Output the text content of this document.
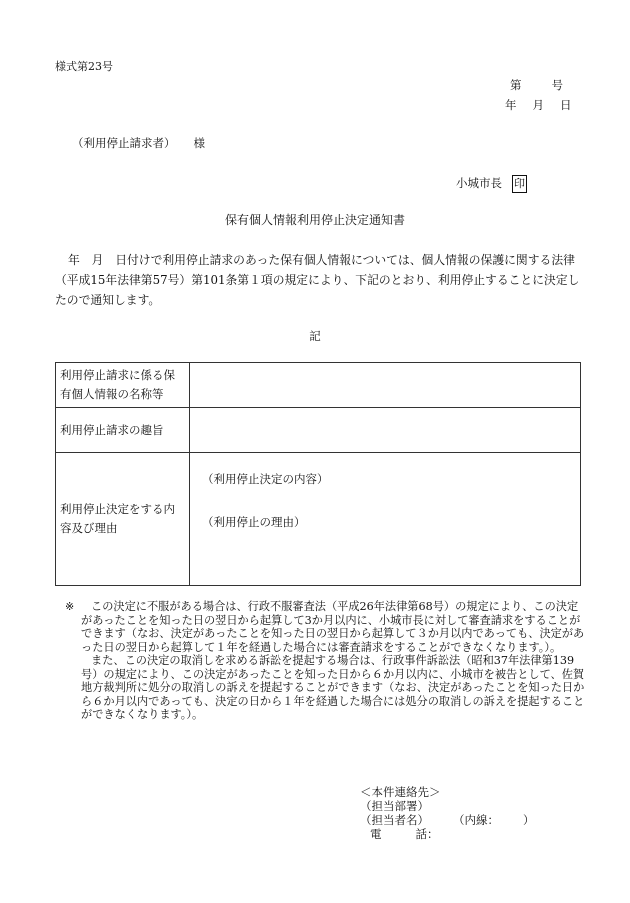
様式第23号
第	号
年 月 日
（利用停止請求者） 様
小城市長 印
保有個人情報利用停止決定通知書
年　月　日付けで利用停止請求のあった保有個人情報については、個人情報の保護に関する法律（平成15年法律第57号）第101条第１項の規定により、下記のとおり、利用停止することに決定したので通知します。
記
利用停止請求に係る保有個人情報の名称等	
利用停止請求の趣旨	
利用停止決定をする内容及び理由	（利用停止決定の内容）
（利用停止の理由）
※	この決定に不服がある場合は、行政不服審査法（平成26年法律第68号）の規定により、この決定があったことを知った日の翌日から起算して3か月以内に、小城市長に対して審査請求をすることができます（なお、決定があったことを知った日の翌日から起算して３か月以内であっても、決定があった日の翌日から起算して１年を経過した場合には審査請求をすることができなくなります。）。

また、この決定の取消しを求める訴訟を提起する場合は、行政事件訴訟法（昭和37年法律第139号）の規定により、この決定があったことを知った日から６か月以内に、小城市を被告として、佐賀地方裁判所に処分の取消しの訴えを提起することができます（なお、決定があったことを知った日から６か月以内であっても、決定の日から１年を経過した場合には処分の取消しの訴えを提起することができなくなります。）。

＜本件連絡先＞
（担当部署）
（担当者名） （内線： ）
電	話：
